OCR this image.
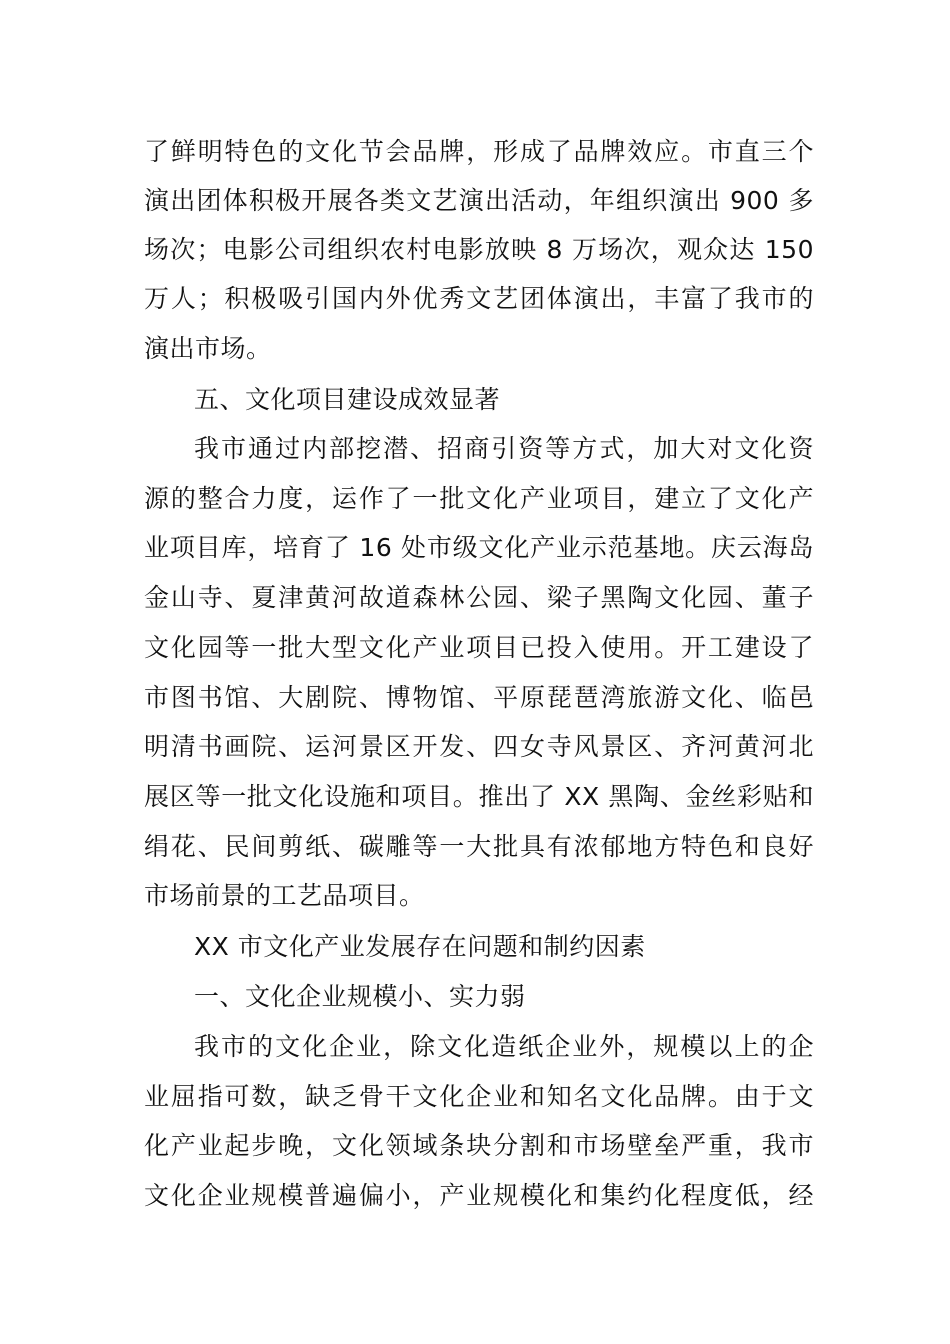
了鲜明特色的文化节会品牌，形成了品牌效应。市直三个
演出团体积极开展各类文艺演出活动，年组织演出 900 多
场次；电影公司组织农村电影放映 8 万场次，观众达 150
万人；积极吸引国内外优秀文艺团体演出，丰富了我市的
演出市场。
五、文化项目建设成效显著
我市通过内部挖潜、招商引资等方式，加大对文化资
源的整合力度，运作了一批文化产业项目，建立了文化产
业项目库，培育了 16 处市级文化产业示范基地。庆云海岛
金山寺、夏津黄河故道森林公园、梁子黑陶文化园、董子
文化园等一批大型文化产业项目已投入使用。开工建设了
市图书馆、大剧院、博物馆、平原琵琶湾旅游文化、临邑
明清书画院、运河景区开发、四女寺风景区、齐河黄河北
展区等一批文化设施和项目。推出了 XX 黑陶、金丝彩贴和
绢花、民间剪纸、碳雕等一大批具有浓郁地方特色和良好
市场前景的工艺品项目。
XX 市文化产业发展存在问题和制约因素
一、文化企业规模小、实力弱
我市的文化企业，除文化造纸企业外，规模以上的企
业屈指可数，缺乏骨干文化企业和知名文化品牌。由于文
化产业起步晚，文化领域条块分割和市场壁垒严重，我市
文化企业规模普遍偏小，产业规模化和集约化程度低，经
